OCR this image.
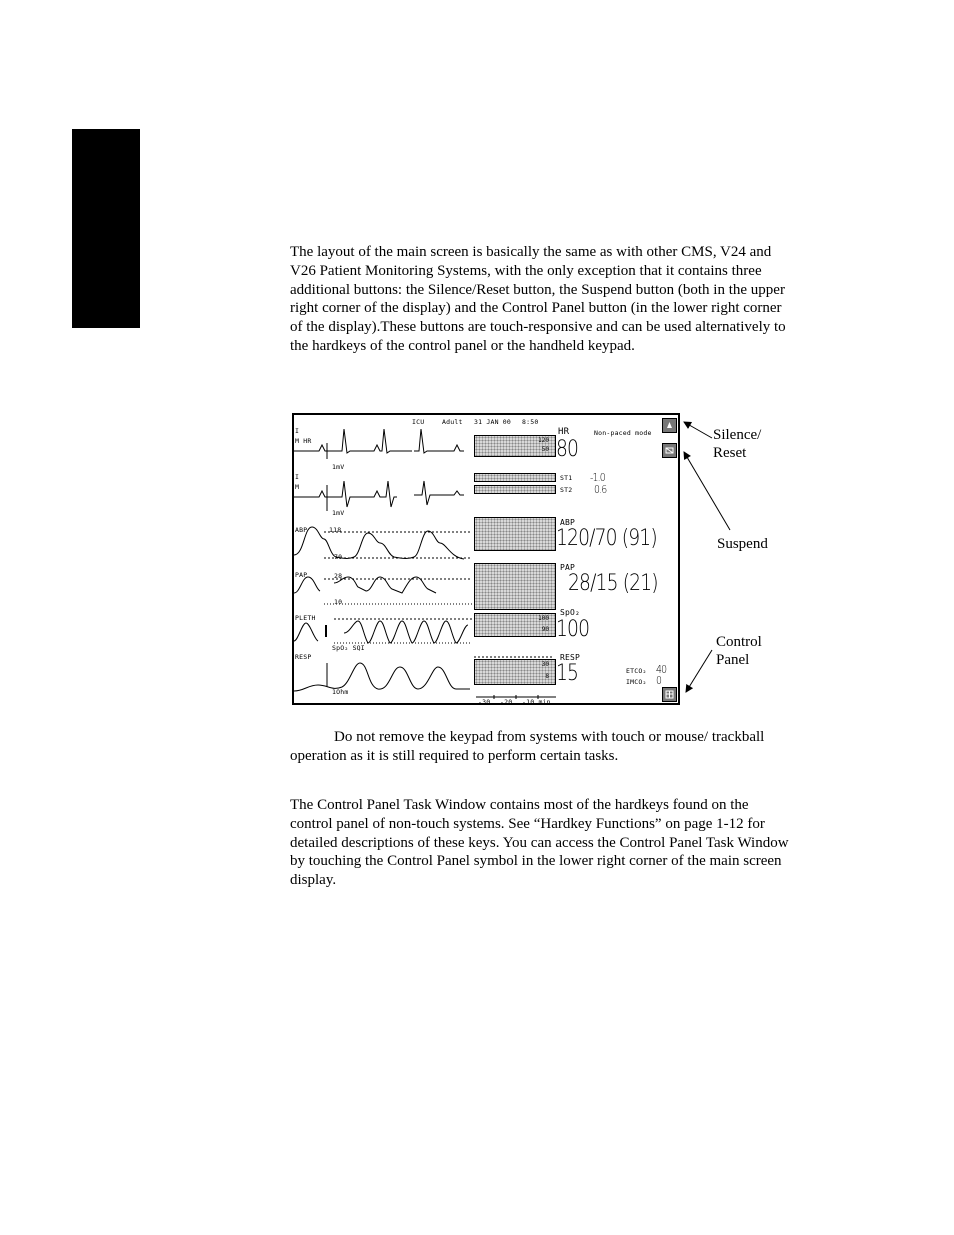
The layout of the main screen is basically the same as with other CMS, V24 and V26 Patient Monitoring Systems, with the only exception that it contains three additional buttons: the Silence/Reset button, the Suspend button (both in the upper right corner of the display) and the Control Panel button (in the lower right corner of the display).These buttons are touch-responsive and can be used alternatively to the hardkeys of the control panel or the handheld keypad.

ICU	Adult 31 JAN 00 8:50
Non-paced mode
I
M HR
1mV
I
M
1mV
ABP	118
70
PAP	28
10
PLETH
SpO₂ SQI
RESP
1Ohm
120
50
100
90
30
8
-30 -20 -10 min
HR
80
ST1 -1.0
ST2 0.6
ABP
120/70 (91)
PAP
28/15 (21)
SpO₂
100
RESP
15	ETCO₂ 40
IMCO₂ 0
Silence/
Reset
Suspend
Control
Panel

Do not remove the keypad from systems with touch or mouse/ trackball operation as it is still required to perform certain tasks.

The Control Panel Task Window contains most of the hardkeys found on the control panel of non-touch systems. See “Hardkey Functions” on page 1-12 for detailed descriptions of these keys. You can access the Control Panel Task Window by touching the Control Panel symbol in the lower right corner of the main screen display.
